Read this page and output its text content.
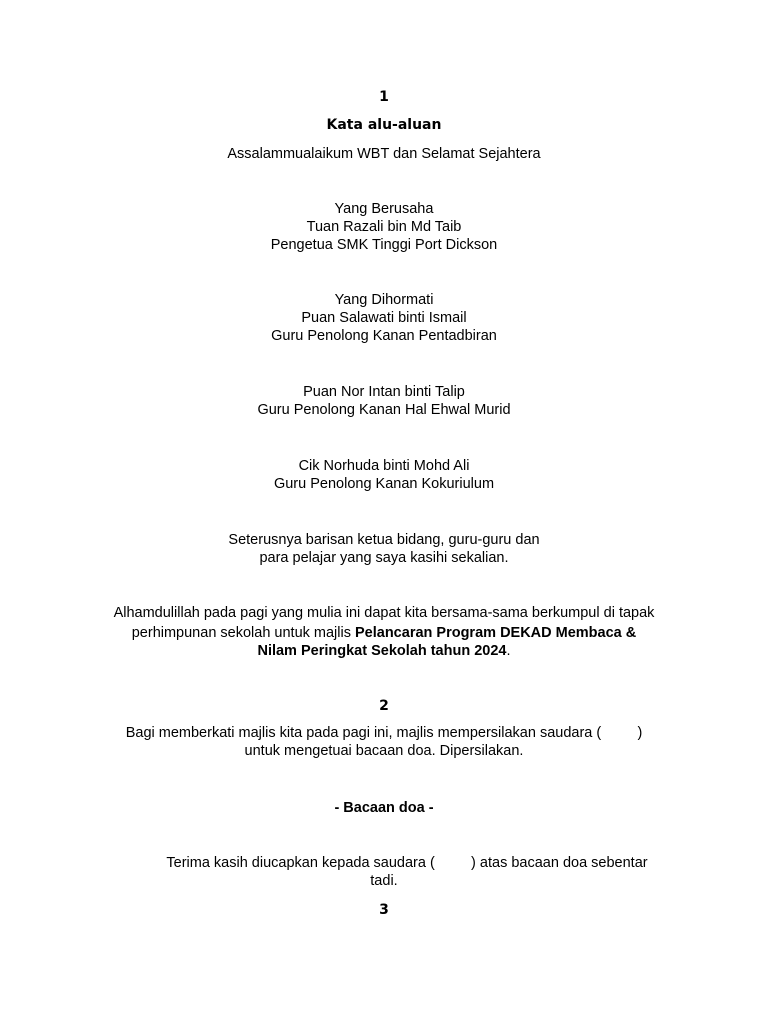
1
Kata alu-aluan
Assalammualaikum WBT dan Selamat Sejahtera
Yang Berusaha
Tuan Razali bin Md Taib
Pengetua SMK Tinggi Port Dickson
Yang Dihormati
Puan Salawati binti Ismail
Guru Penolong Kanan Pentadbiran
Puan Nor Intan binti Talip
Guru Penolong Kanan Hal Ehwal Murid
Cik Norhuda binti Mohd Ali
Guru Penolong Kanan Kokuriulum
Seterusnya barisan ketua bidang, guru-guru dan
para pelajar yang saya kasihi sekalian.
Alhamdulillah pada pagi yang mulia ini dapat kita bersama-sama berkumpul di tapak
perhimpunan sekolah untuk majlis Pelancaran Program DEKAD Membaca &
Nilam Peringkat Sekolah tahun 2024.
2
Bagi memberkati majlis kita pada pagi ini, majlis mempersilakan saudara (         )
untuk mengetuai bacaan doa. Dipersilakan.
- Bacaan doa -
Terima kasih diucapkan kepada saudara (         ) atas bacaan doa sebentar
tadi.
3
